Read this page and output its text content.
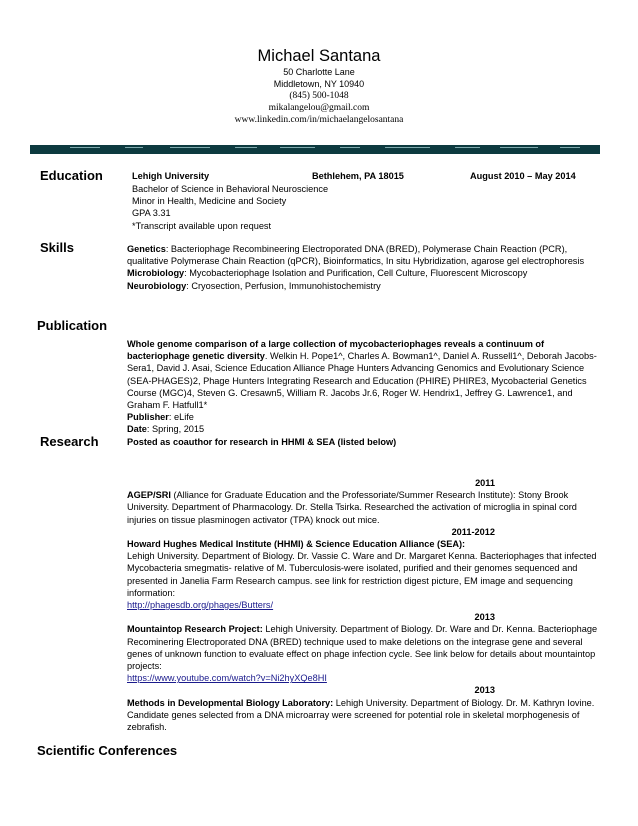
Michael Santana
50 Charlotte Lane
Middletown, NY 10940
(845) 500-1048
mikalangelou@gmail.com
www.linkedin.com/in/michaelangelosantana
Education	Lehigh University	Bethlehem, PA 18015	August 2010 – May 2014

Bachelor of Science in Behavioral Neuroscience

Minor in Health, Medicine and Society

GPA 3.31

*Transcript available upon request

Skills	Genetics: Bacteriophage Recombineering Electroporated DNA (BRED), Polymerase Chain Reaction (PCR), qualitative Polymerase Chain Reaction (qPCR), Bioinformatics, In situ Hybridization, agarose gel electrophoresis

Microbiology: Mycobacteriophage Isolation and Purification, Cell Culture, Fluorescent Microscopy

Neurobiology: Cryosection, Perfusion, Immunohistochemistry

Publication

Whole genome comparison of a large collection of mycobacteriophages reveals a continuum of bacteriophage genetic diversity. Welkin H. Pope1^, Charles A. Bowman1^, Daniel A. Russell1^, Deborah Jacobs-Sera1, David J. Asai, Science Education Alliance Phage Hunters Advancing Genomics and Evolutionary Science (SEA-PHAGES)2, Phage Hunters Integrating Research and Education (PHIRE) PHIRE3, Mycobacterial Genetics Course (MGC)4, Steven G. Cresawn5, William R. Jacobs Jr.6, Roger W. Hendrix1, Jeffrey G. Lawrence1, and Graham F. Hatfull1*

Publisher: eLife

Date: Spring, 2015

Posted as coauthor for research in HHMI & SEA (listed below)

Research
2011

AGEP/SRI (Alliance for Graduate Education and the Professoriate/Summer Research Institute): Stony Brook University. Department of Pharmacology. Dr. Stella Tsirka. Researched the activation of microglia in spinal cord injuries on tissue plasminogen activator (TPA) knock out mice.

2011-2012

Howard Hughes Medical Institute (HHMI) & Science Education Alliance (SEA):
Lehigh University. Department of Biology. Dr. Vassie C. Ware and Dr. Margaret Kenna. Bacteriophages that infected Mycobacteria smegmatis- relative of M. Tuberculosis-were isolated, purified and their genomes sequenced and presented in Janelia Farm Research campus. see link for restriction digest picture, EM image and sequencing information:
http://phagesdb.org/phages/Butters/

2013

Mountaintop Research Project: Lehigh University. Department of Biology. Dr. Ware and Dr. Kenna. Bacteriophage Recominering Electroporated DNA (BRED) technique used to make deletions on the integrase gene and several genes of unknown function to evaluate effect on phage infection cycle. See link below for details about mountaintop projects:
https://www.youtube.com/watch?v=Ni2hyXQe8HI

2013

Methods in Developmental Biology Laboratory: Lehigh University. Department of Biology. Dr. M. Kathryn Iovine. Candidate genes selected from a DNA microarray were screened for potential role in skeletal morphogenesis of zebrafish.

Scientific Conferences
